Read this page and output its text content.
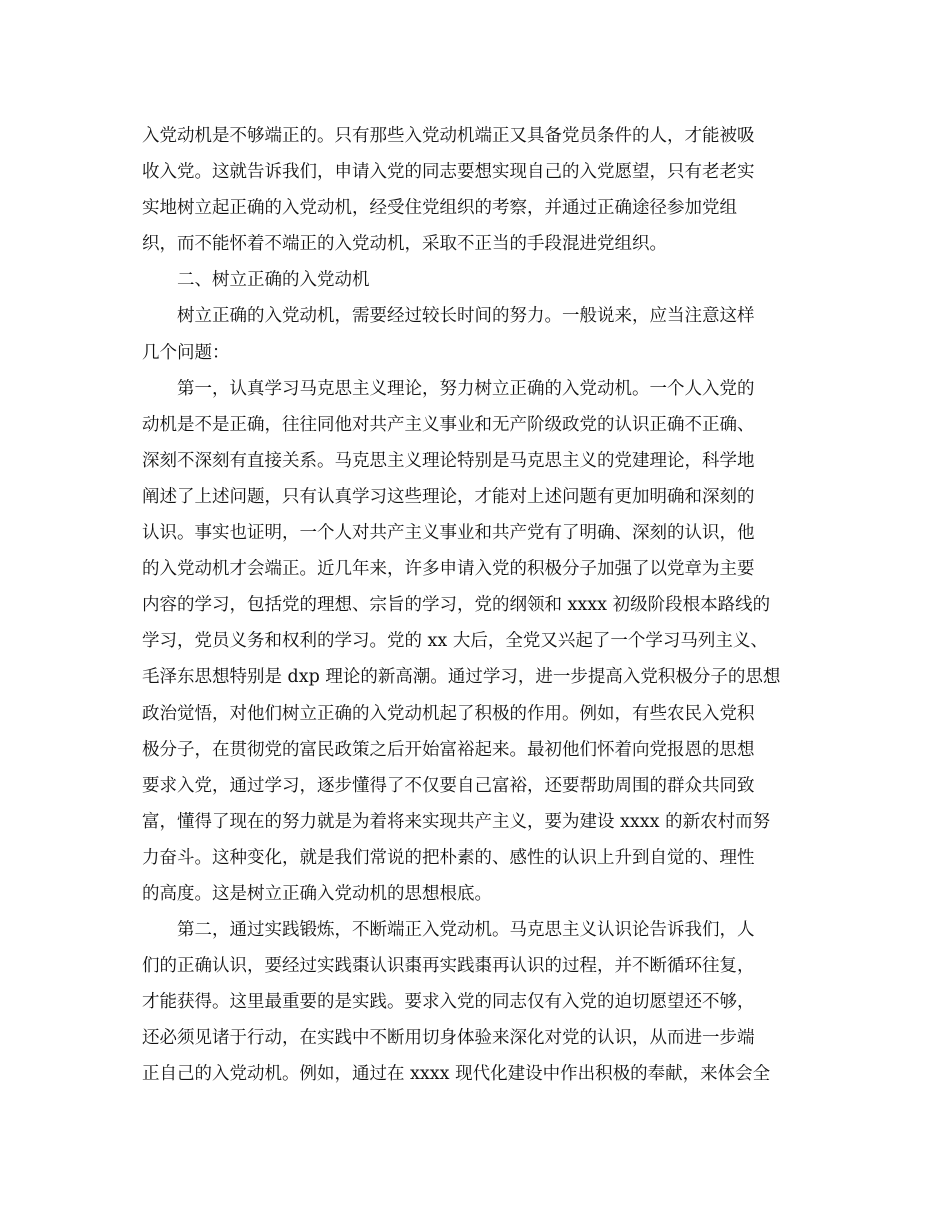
入党动机是不够端正的。只有那些入党动机端正又具备党员条件的人，才能被吸

收入党。这就告诉我们，申请入党的同志要想实现自己的入党愿望，只有老老实

实地树立起正确的入党动机，经受住党组织的考察，并通过正确途径参加党组

织，而不能怀着不端正的入党动机，采取不正当的手段混进党组织。

二、树立正确的入党动机

树立正确的入党动机，需要经过较长时间的努力。一般说来，应当注意这样

几个问题：

第一，认真学习马克思主义理论，努力树立正确的入党动机。一个人入党的

动机是不是正确，往往同他对共产主义事业和无产阶级政党的认识正确不正确、

深刻不深刻有直接关系。马克思主义理论特别是马克思主义的党建理论，科学地

阐述了上述问题，只有认真学习这些理论，才能对上述问题有更加明确和深刻的

认识。事实也证明，一个人对共产主义事业和共产党有了明确、深刻的认识，他

的入党动机才会端正。近几年来，许多申请入党的积极分子加强了以党章为主要

内容的学习，包括党的理想、宗旨的学习，党的纲领和 xxxx 初级阶段根本路线的

学习，党员义务和权利的学习。党的 xx 大后，全党又兴起了一个学习马列主义、

毛泽东思想特别是 dxp 理论的新高潮。通过学习，进一步提高入党积极分子的思想

政治觉悟，对他们树立正确的入党动机起了积极的作用。例如，有些农民入党积

极分子，在贯彻党的富民政策之后开始富裕起来。最初他们怀着向党报恩的思想

要求入党，通过学习，逐步懂得了不仅要自己富裕，还要帮助周围的群众共同致

富，懂得了现在的努力就是为着将来实现共产主义，要为建设 xxxx 的新农村而努

力奋斗。这种变化，就是我们常说的把朴素的、感性的认识上升到自觉的、理性

的高度。这是树立正确入党动机的思想根底。

第二，通过实践锻炼，不断端正入党动机。马克思主义认识论告诉我们，人

们的正确认识，要经过实践棗认识棗再实践棗再认识的过程，并不断循环往复，

才能获得。这里最重要的是实践。要求入党的同志仅有入党的迫切愿望还不够，

还必须见诸于行动，在实践中不断用切身体验来深化对党的认识，从而进一步端

正自己的入党动机。例如，通过在 xxxx 现代化建设中作出积极的奉献，来体会全
